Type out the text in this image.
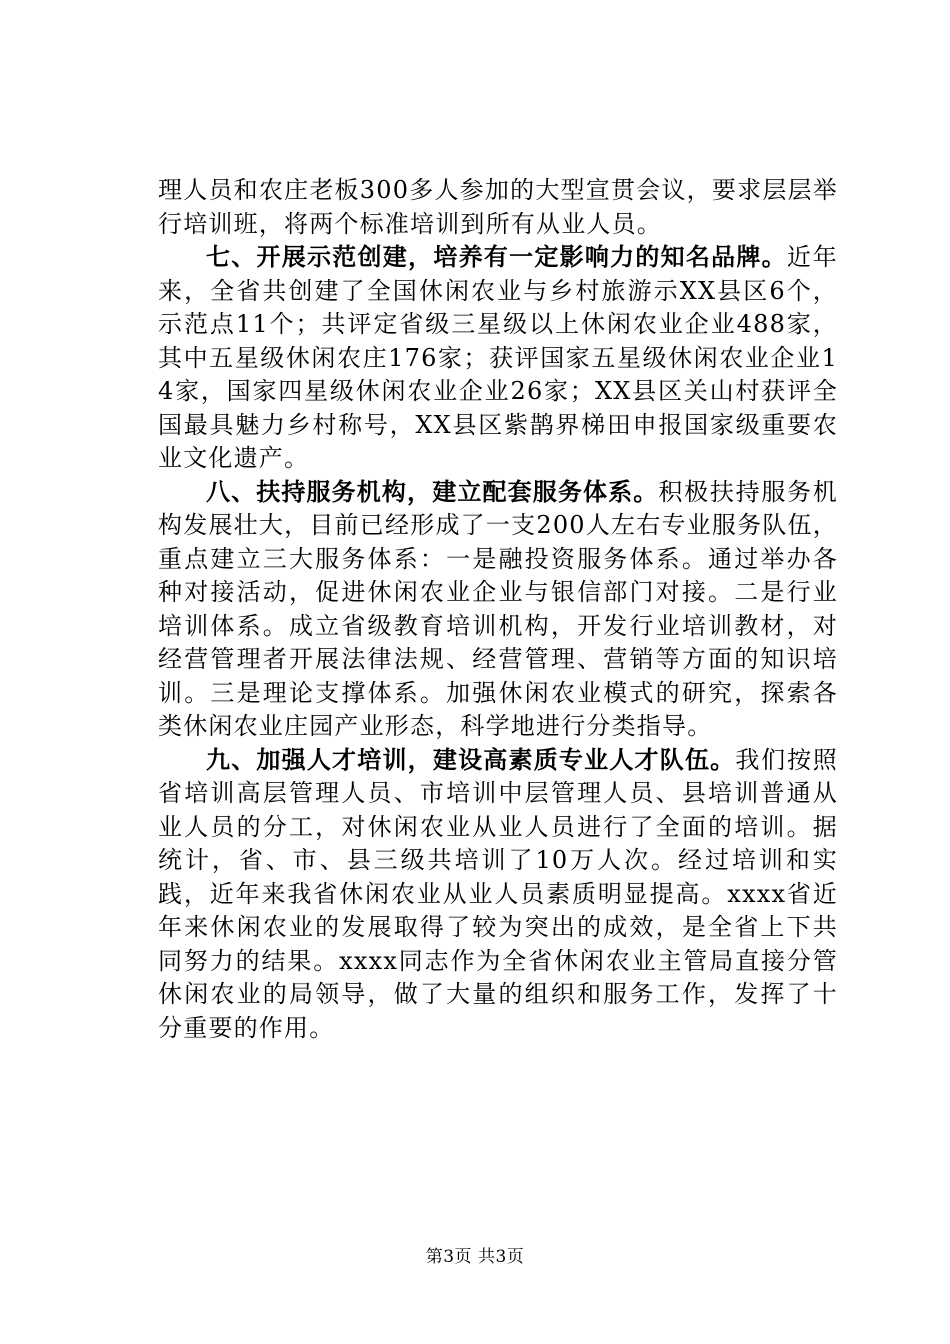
理人员和农庄老板300多人参加的大型宣贯会议，要求层层举行培训班，将两个标准培训到所有从业人员。

七、开展示范创建，培养有一定影响力的知名品牌。近年来，全省共创建了全国休闲农业与乡村旅游示XX县区6个，示范点11个；共评定省级三星级以上休闲农业企业488家，其中五星级休闲农庄176家；获评国家五星级休闲农业企业14家，国家四星级休闲农业企业26家；XX县区关山村获评全国最具魅力乡村称号，XX县区紫鹊界梯田申报国家级重要农业文化遗产。

八、扶持服务机构，建立配套服务体系。积极扶持服务机构发展壮大，目前已经形成了一支200人左右专业服务队伍，重点建立三大服务体系：一是融投资服务体系。通过举办各种对接活动，促进休闲农业企业与银信部门对接。二是行业培训体系。成立省级教育培训机构，开发行业培训教材，对经营管理者开展法律法规、经营管理、营销等方面的知识培训。三是理论支撑体系。加强休闲农业模式的研究，探索各类休闲农业庄园产业形态，科学地进行分类指导。

九、加强人才培训，建设高素质专业人才队伍。我们按照省培训高层管理人员、市培训中层管理人员、县培训普通从业人员的分工，对休闲农业从业人员进行了全面的培训。据统计，省、市、县三级共培训了10万人次。经过培训和实践，近年来我省休闲农业从业人员素质明显提高。xxxx省近年来休闲农业的发展取得了较为突出的成效，是全省上下共同努力的结果。xxxx同志作为全省休闲农业主管局直接分管休闲农业的局领导，做了大量的组织和服务工作，发挥了十分重要的作用。

第3页 共3页
